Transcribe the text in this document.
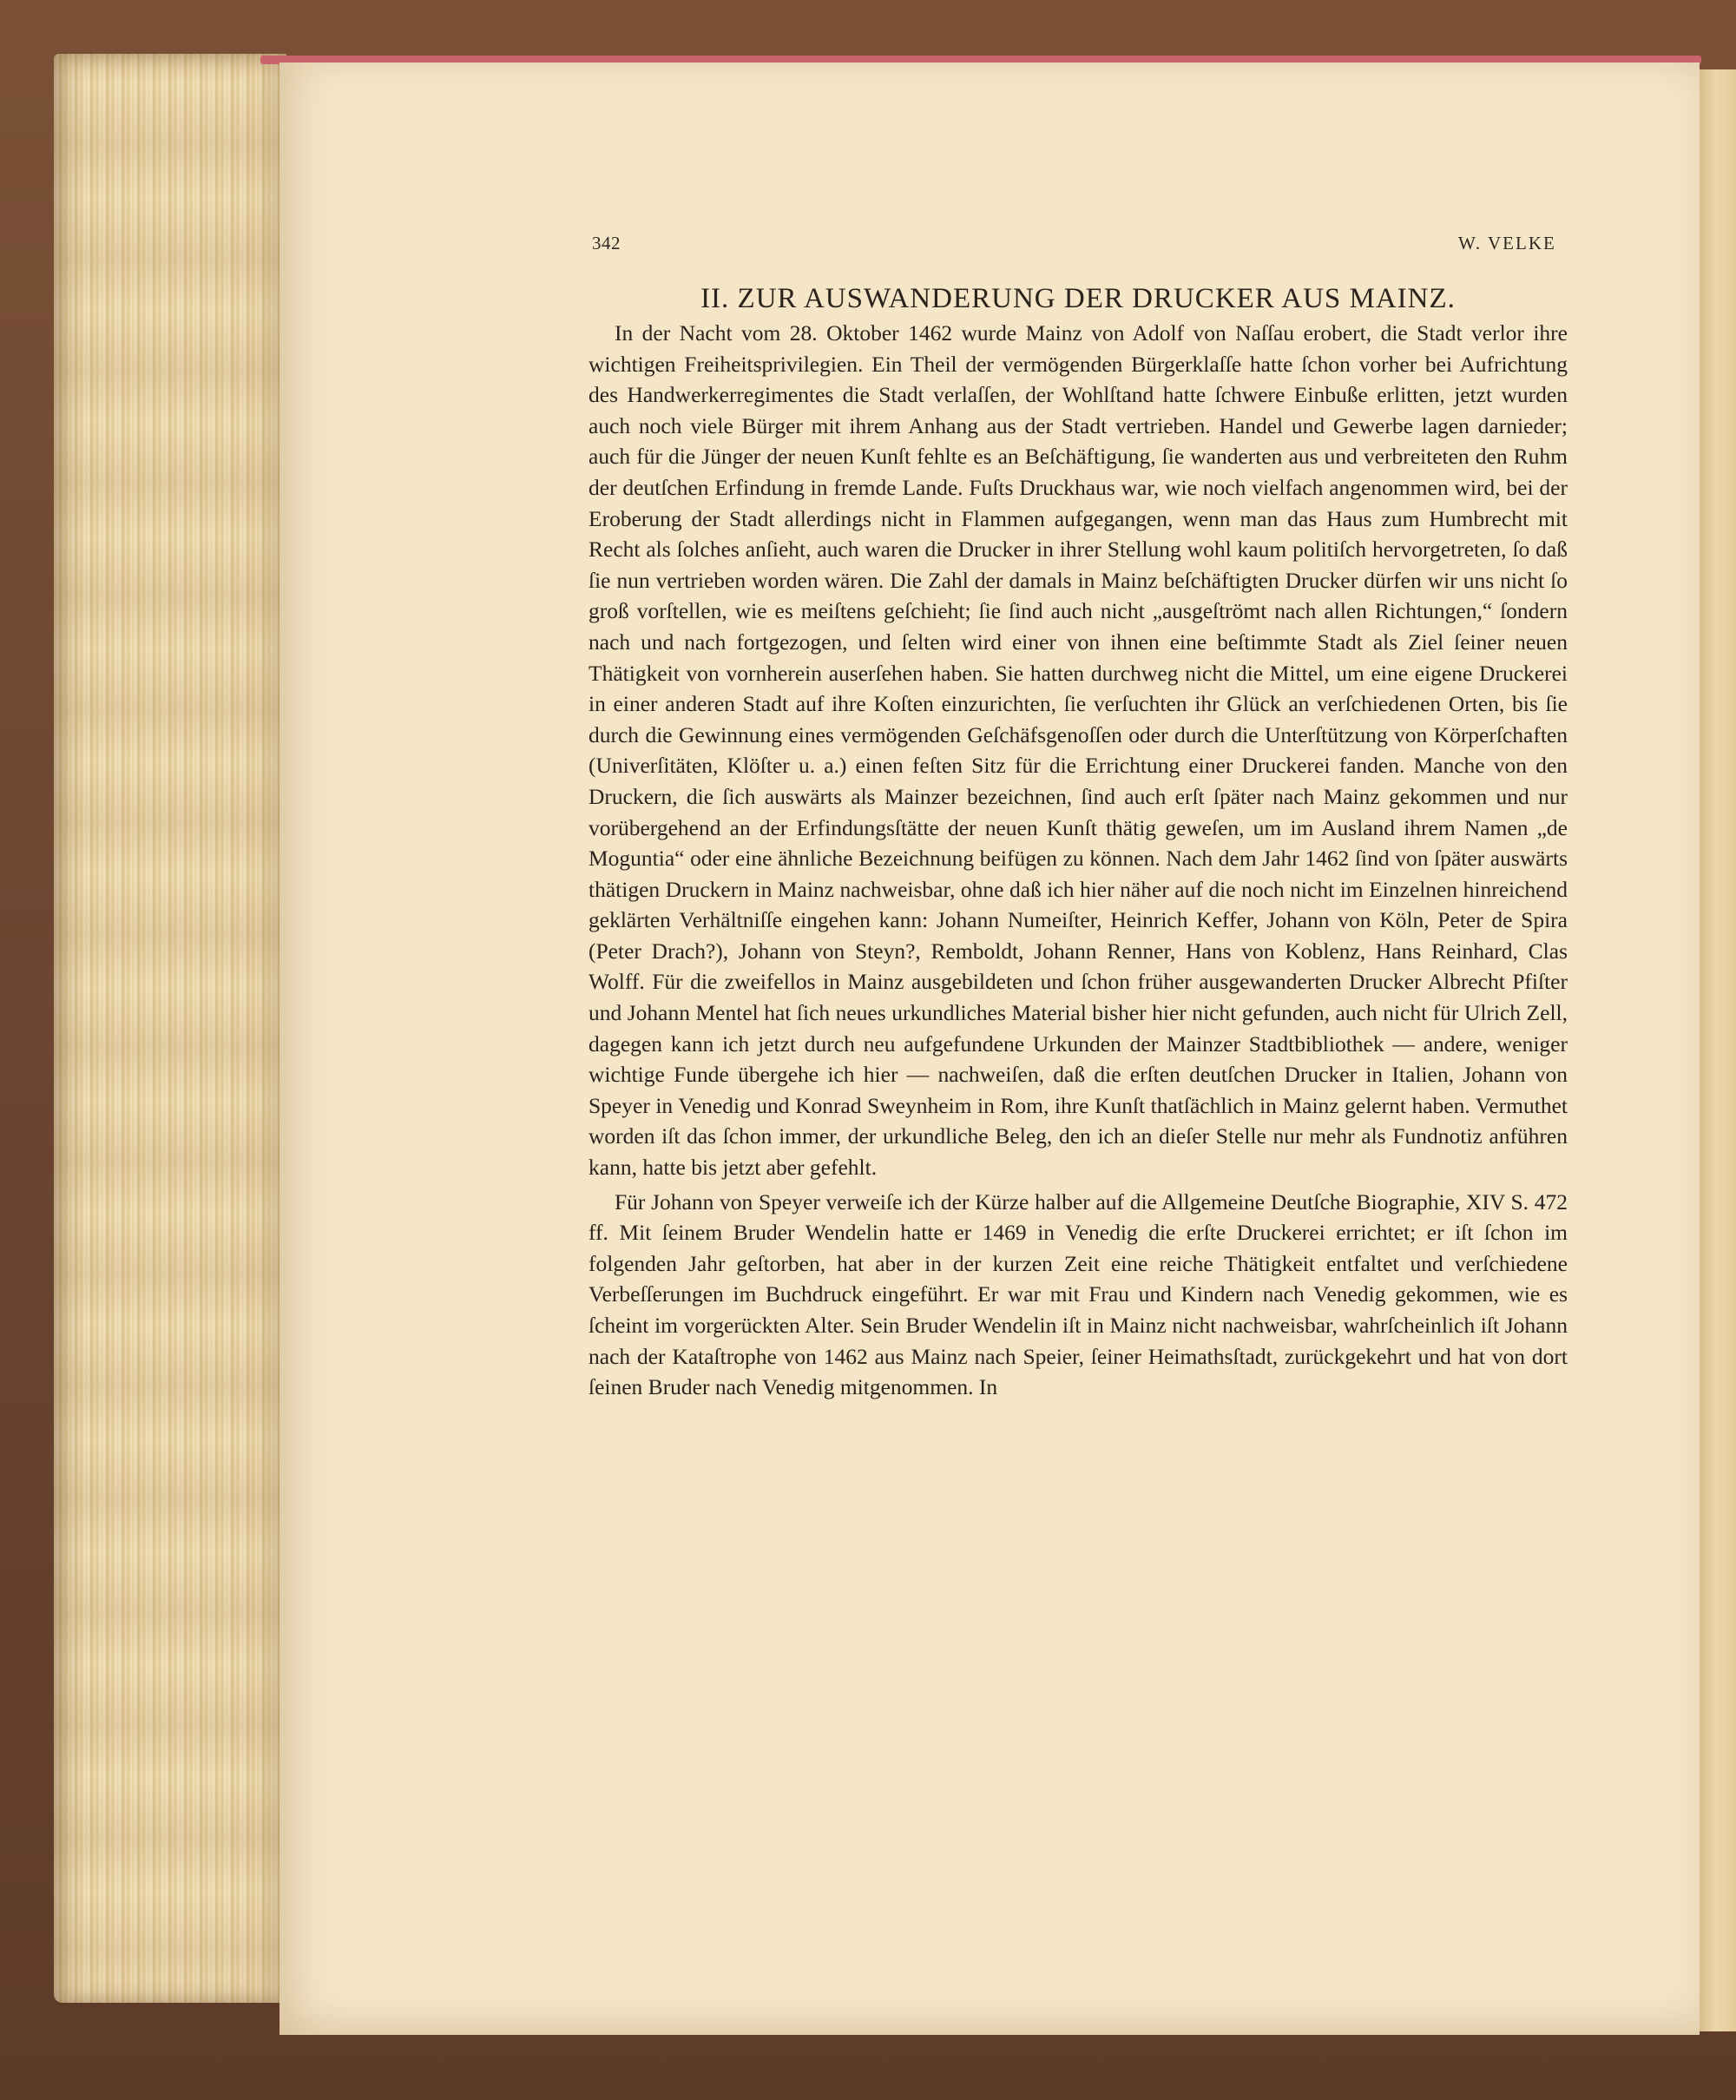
342	W. VELKE
II. ZUR AUSWANDERUNG DER DRUCKER AUS MAINZ.

In der Nacht vom 28. Oktober 1462 wurde Mainz von Adolf von Naſſau erobert, die Stadt verlor ihre wichtigen Freiheitsprivilegien. Ein Theil der vermögenden Bürgerklaſſe hatte ſchon vorher bei Aufrichtung des Handwerkerregimentes die Stadt verlaſſen, der Wohlſtand hatte ſchwere Einbuße erlitten, jetzt wurden auch noch viele Bürger mit ihrem Anhang aus der Stadt vertrieben. Handel und Gewerbe lagen darnieder; auch für die Jünger der neuen Kunſt fehlte es an Beſchäftigung, ſie wanderten aus und verbreiteten den Ruhm der deutſchen Erfindung in fremde Lande. Fuſts Druckhaus war, wie noch vielfach angenommen wird, bei der Eroberung der Stadt allerdings nicht in Flammen aufgegangen, wenn man das Haus zum Humbrecht mit Recht als ſolches anſieht, auch waren die Drucker in ihrer Stellung wohl kaum politiſch hervorgetreten, ſo daß ſie nun vertrieben worden wären. Die Zahl der damals in Mainz beſchäftigten Drucker dürfen wir uns nicht ſo groß vorſtellen, wie es meiſtens geſchieht; ſie ſind auch nicht „ausgeſtrömt nach allen Richtungen,“ ſondern nach und nach fortgezogen, und ſelten wird einer von ihnen eine beſtimmte Stadt als Ziel ſeiner neuen Thätigkeit von vornherein auserſehen haben. Sie hatten durchweg nicht die Mittel, um eine eigene Druckerei in einer anderen Stadt auf ihre Koſten einzurichten, ſie verſuchten ihr Glück an verſchiedenen Orten, bis ſie durch die Gewinnung eines vermögenden Geſchäfsgenoſſen oder durch die Unterſtützung von Körperſchaften (Univerſitäten, Klöſter u. a.) einen feſten Sitz für die Errichtung einer Druckerei fanden. Manche von den Druckern, die ſich auswärts als Mainzer bezeichnen, ſind auch erſt ſpäter nach Mainz gekommen und nur vorübergehend an der Erfindungsſtätte der neuen Kunſt thätig geweſen, um im Ausland ihrem Namen „de Moguntia“ oder eine ähnliche Bezeichnung beifügen zu können. Nach dem Jahr 1462 ſind von ſpäter auswärts thätigen Druckern in Mainz nachweisbar, ohne daß ich hier näher auf die noch nicht im Einzelnen hinreichend geklärten Verhältniſſe eingehen kann: Johann Numeiſter, Heinrich Keffer, Johann von Köln, Peter de Spira (Peter Drach?), Johann von Steyn?, Remboldt, Johann Renner, Hans von Koblenz, Hans Reinhard, Clas Wolff. Für die zweifellos in Mainz ausgebildeten und ſchon früher ausgewanderten Drucker Albrecht Pfiſter und Johann Mentel hat ſich neues urkundliches Material bisher hier nicht gefunden, auch nicht für Ulrich Zell, dagegen kann ich jetzt durch neu aufgefundene Urkunden der Mainzer Stadtbibliothek — andere, weniger wichtige Funde übergehe ich hier — nachweiſen, daß die erſten deutſchen Drucker in Italien, Johann von Speyer in Venedig und Konrad Sweynheim in Rom, ihre Kunſt thatſächlich in Mainz gelernt haben. Vermuthet worden iſt das ſchon immer, der urkundliche Beleg, den ich an dieſer Stelle nur mehr als Fundnotiz anführen kann, hatte bis jetzt aber gefehlt.

Für Johann von Speyer verweiſe ich der Kürze halber auf die Allgemeine Deutſche Biographie, XIV S. 472 ff. Mit ſeinem Bruder Wendelin hatte er 1469 in Venedig die erſte Druckerei errichtet; er iſt ſchon im folgenden Jahr geſtorben, hat aber in der kurzen Zeit eine reiche Thätigkeit entfaltet und verſchiedene Verbeſſerungen im Buchdruck eingeführt. Er war mit Frau und Kindern nach Venedig gekommen, wie es ſcheint im vorgerückten Alter. Sein Bruder Wendelin iſt in Mainz nicht nachweisbar, wahrſcheinlich iſt Johann nach der Kataſtrophe von 1462 aus Mainz nach Speier, ſeiner Heimathsſtadt, zurückgekehrt und hat von dort ſeinen Bruder nach Venedig mitgenommen. In
